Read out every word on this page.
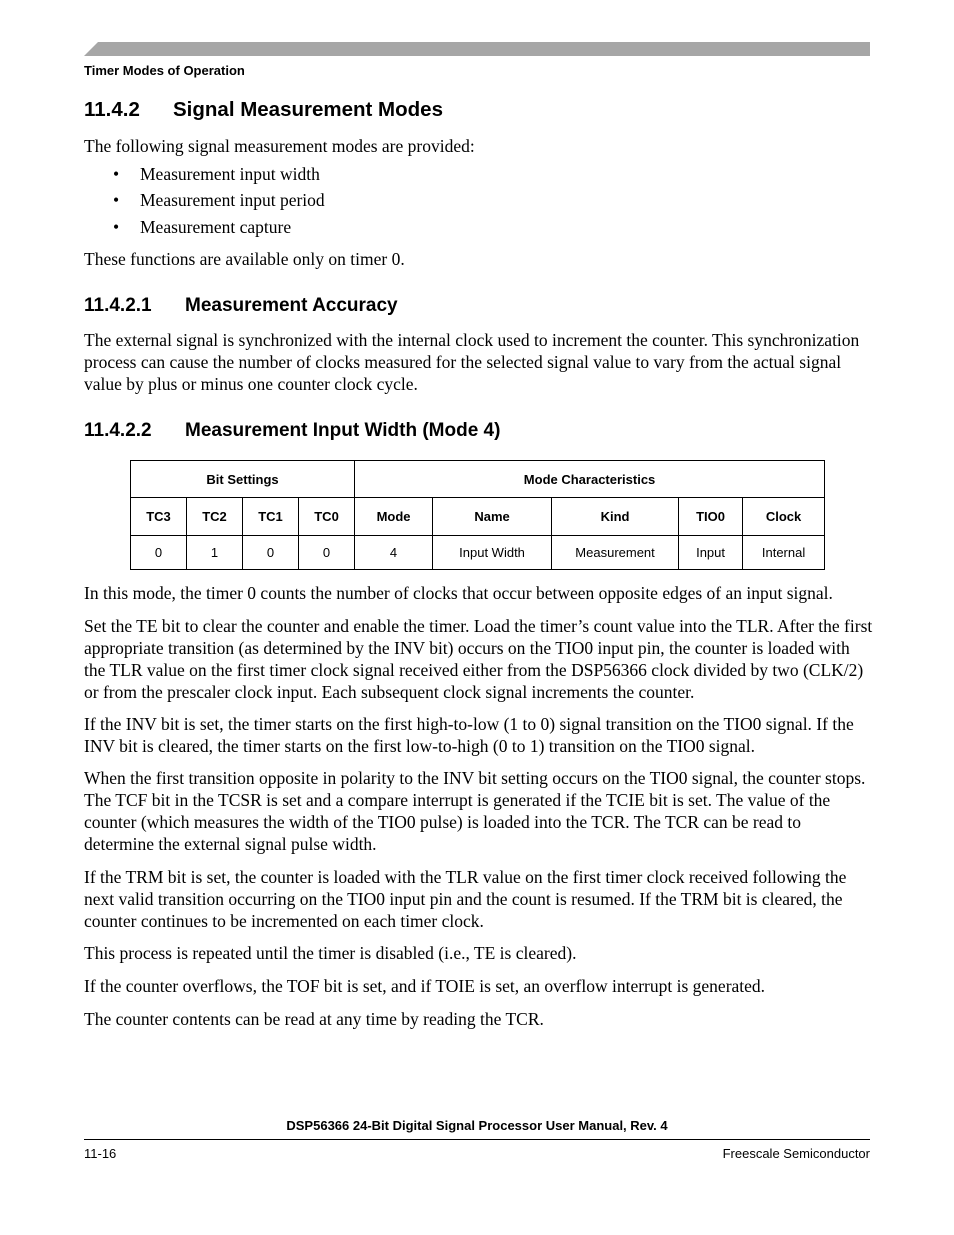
Timer Modes of Operation
11.4.2 Signal Measurement Modes
The following signal measurement modes are provided:
• Measurement input width
• Measurement input period
• Measurement capture
These functions are available only on timer 0.
11.4.2.1 Measurement Accuracy
The external signal is synchronized with the internal clock used to increment the counter. This synchronization process can cause the number of clocks measured for the selected signal value to vary from the actual signal value by plus or minus one counter clock cycle.
11.4.2.2 Measurement Input Width (Mode 4)
Bit Settings				Mode Characteristics				
TC3	TC2	TC1	TC0	Mode	Name	Kind	TIO0	Clock
0	1	0	0	4	Input Width	Measurement	Input	Internal
In this mode, the timer 0 counts the number of clocks that occur between opposite edges of an input signal.
Set the TE bit to clear the counter and enable the timer. Load the timer’s count value into the TLR. After the first appropriate transition (as determined by the INV bit) occurs on the TIO0 input pin, the counter is loaded with the TLR value on the first timer clock signal received either from the DSP56366 clock divided by two (CLK/2) or from the prescaler clock input. Each subsequent clock signal increments the counter.
If the INV bit is set, the timer starts on the first high-to-low (1 to 0) signal transition on the TIO0 signal. If the INV bit is cleared, the timer starts on the first low-to-high (0 to 1) transition on the TIO0 signal.
When the first transition opposite in polarity to the INV bit setting occurs on the TIO0 signal, the counter stops. The TCF bit in the TCSR is set and a compare interrupt is generated if the TCIE bit is set. The value of the counter (which measures the width of the TIO0 pulse) is loaded into the TCR. The TCR can be read to determine the external signal pulse width.
If the TRM bit is set, the counter is loaded with the TLR value on the first timer clock received following the next valid transition occurring on the TIO0 input pin and the count is resumed. If the TRM bit is cleared, the counter continues to be incremented on each timer clock.
This process is repeated until the timer is disabled (i.e., TE is cleared).
If the counter overflows, the TOF bit is set, and if TOIE is set, an overflow interrupt is generated.
The counter contents can be read at any time by reading the TCR.
DSP56366 24-Bit Digital Signal Processor User Manual, Rev. 4
11-16	Freescale Semiconductor
